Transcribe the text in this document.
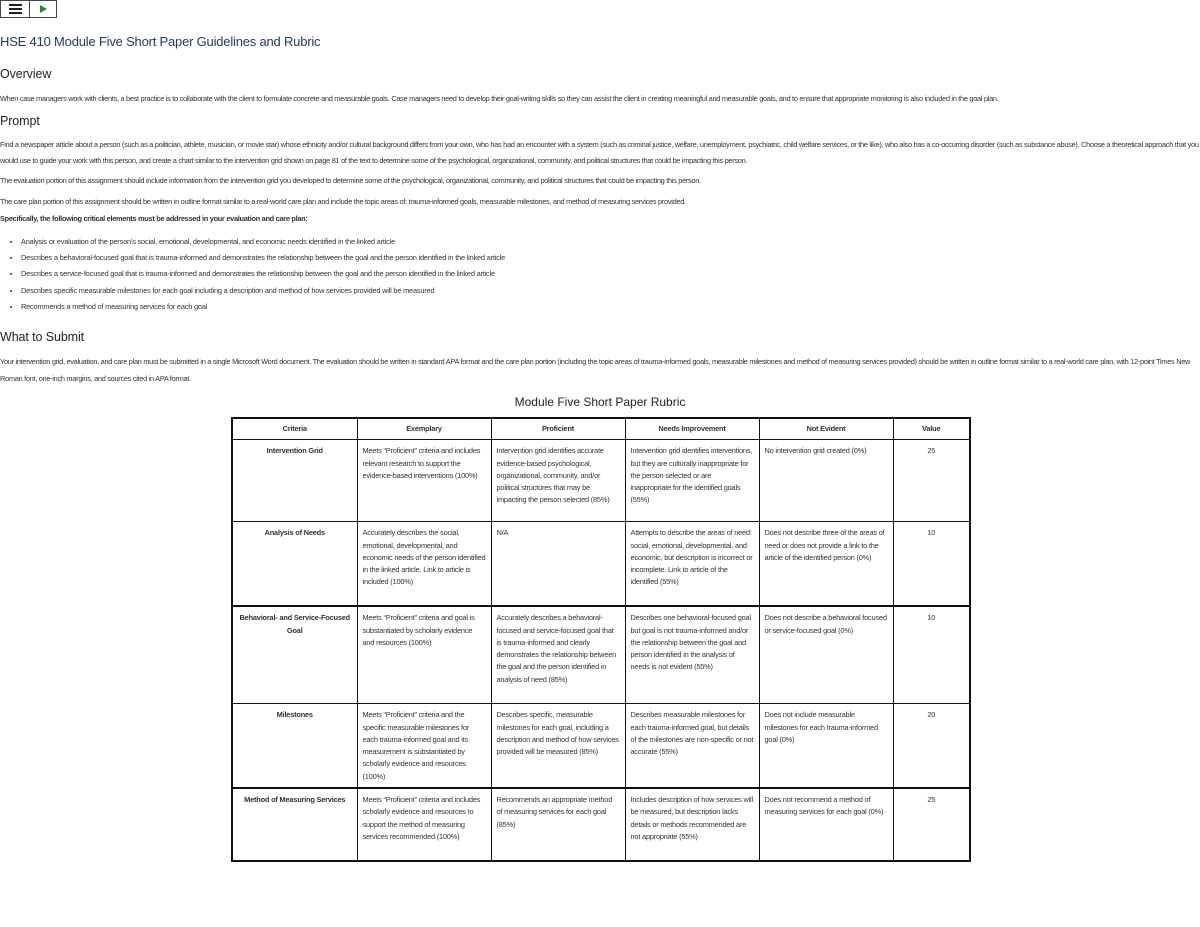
HSE 410 Module Five Short Paper Guidelines and Rubric
Overview
When case managers work with clients, a best practice is to collaborate with the client to formulate concrete and measurable goals. Case managers need to develop their goal-writing skills so they can assist the client in creating meaningful and measurable goals, and to ensure that appropriate monitoring is also included in the goal plan.
Prompt
Find a newspaper article about a person (such as a politician, athlete, musician, or movie star) whose ethnicity and/or cultural background differs from your own, who has had an encounter with a system (such as criminal justice, welfare, unemployment, psychiatric, child welfare services, or the like), who also has a co-occurring disorder (such as substance abuse). Choose a theoretical approach that you would use to guide your work with this person, and create a chart similar to the intervention grid shown on page 81 of the text to determine some of the psychological, organizational, community, and political structures that could be impacting this person.
The evaluation portion of this assignment should include information from the intervention grid you developed to determine some of the psychological, organizational, community, and political structures that could be impacting this person.
The care plan portion of this assignment should be written in outline format similar to a real-world care plan and include the topic areas of: trauma-informed goals, measurable milestones, and method of measuring services provided.
Specifically, the following critical elements must be addressed in your evaluation and care plan:
• Analysis or evaluation of the person’s social, emotional, developmental, and economic needs identified in the linked article
• Describes a behavioral-focused goal that is trauma-informed and demonstrates the relationship between the goal and the person identified in the linked article
• Describes a service-focused goal that is trauma-informed and demonstrates the relationship between the goal and the person identified in the linked article
• Describes specific measurable milestones for each goal including a description and method of how services provided will be measured
• Recommends a method of measuring services for each goal
What to Submit
Your intervention grid, evaluation, and care plan must be submitted in a single Microsoft Word document. The evaluation should be written in standard APA format and the care plan portion (including the topic areas of trauma-informed goals, measurable milestones and method of measuring services provided) should be written in outline format similar to a real-world care plan, with 12-point Times New Roman font, one-inch margins, and sources cited in APA format.
Module Five Short Paper Rubric
Criteria	Exemplary	Proficient	Needs Improvement	Not Evident	Value
Intervention Grid	Meets “Proficient” criteria and includes relevant research to support the evidence-based interventions (100%)	Intervention grid identifies accurate evidence-based psychological, organizational, community, and/or political structures that may be impacting the person selected (85%)	Intervention grid identifies interventions, but they are culturally inappropriate for the person selected or are inappropriate for the identified goals (55%)	No intervention grid created (0%)	25
Analysis of Needs	Accurately describes the social, emotional, developmental, and economic needs of the person identified in the linked article. Link to article is included (100%)	N/A	Attempts to describe the areas of need: social, emotional, developmental, and economic, but description is incorrect or incomplete. Link to article of the identified (55%)	Does not describe three of the areas of need or does not provide a link to the article of the identified person (0%)	10
Behavioral- and Service-Focused Goal	Meets “Proficient” criteria and goal is substantiated by scholarly evidence and resources (100%)	Accurately describes a behavioral-focused and service-focused goal that is trauma-informed and clearly demonstrates the relationship between the goal and the person identified in analysis of need (85%)	Describes one behavioral-focused goal but goal is not trauma-informed and/or the relationship between the goal and person identified in the analysis of needs is not evident (55%)	Does not describe a behavioral focused or service-focused goal (0%)	10
Milestones	Meets “Proficient” criteria and the specific measurable milestones for each trauma-informed goal and its measurement is substantiated by scholarly evidence and resources (100%)	Describes specific, measurable milestones for each goal, including a description and method of how services provided will be measured (85%)	Describes measurable milestones for each trauma-informed goal, but details of the milestones are non-specific or not accurate (55%)	Does not include measurable milestones for each trauma-informed goal (0%)	20
Method of Measuring Services	Meets “Proficient” criteria and includes scholarly evidence and resources to support the method of measuring services recommended (100%)	Recommends an appropriate method of measuring services for each goal (85%)	Includes description of how services will be measured, but description lacks details or methods recommended are not appropriate (55%)	Does not recommend a method of measuring services for each goal (0%)	25
